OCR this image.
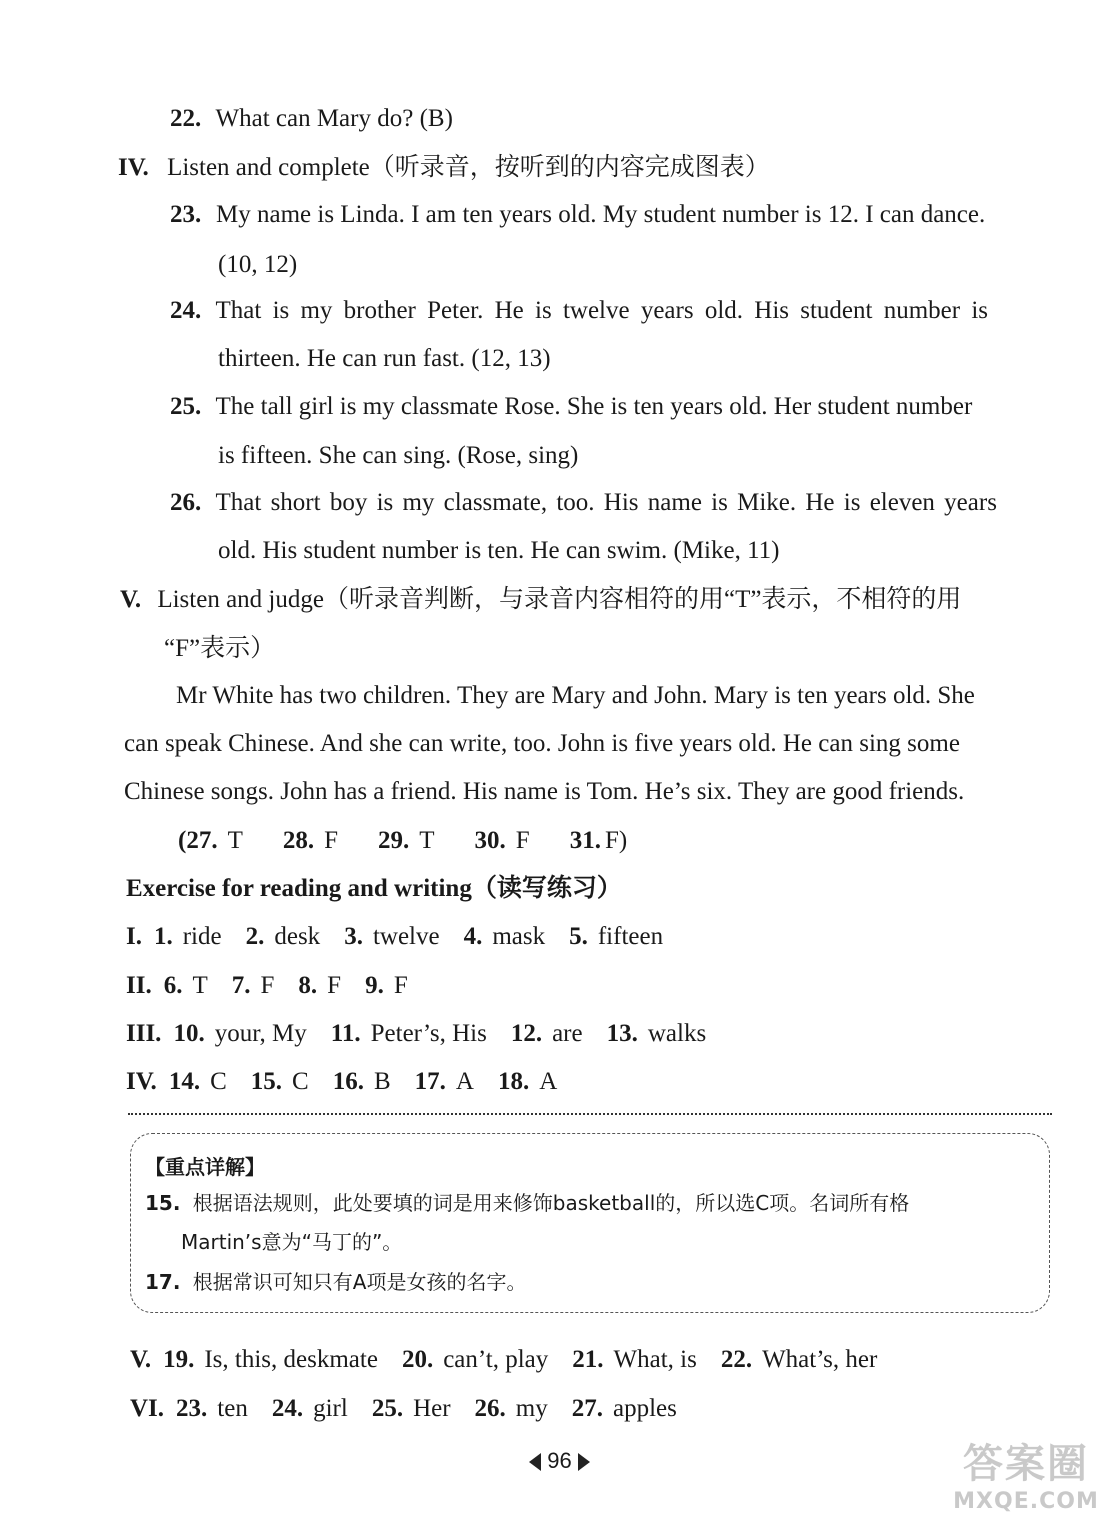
22. What can Mary do? (B)
IV. Listen and complete（听录音，按听到的内容完成图表）
23. My name is Linda. I am ten years old. My student number is 12. I can dance.
(10, 12)
24. That is my brother Peter. He is twelve years old. His student number is
thirteen. He can run fast. (12, 13)
25. The tall girl is my classmate Rose. She is ten years old. Her student number
is fifteen. She can sing. (Rose, sing)
26. That short boy is my classmate, too. His name is Mike. He is eleven years
old. His student number is ten. He can swim. (Mike, 11)
V. Listen and judge（听录音判断，与录音内容相符的用“T”表示，不相符的用
“F”表示）
Mr White has two children. They are Mary and John. Mary is ten years old. She
can speak Chinese. And she can write, too. John is five years old. He can sing some
Chinese songs. John has a friend. His name is Tom. He’s six. They are good friends.
(27. T 28. F 29. T 30. F 31. F)
Exercise for reading and writing（读写练习）
I. 1. ride 2. desk 3. twelve 4. mask 5. fifteen
II. 6. T 7. F 8. F 9. F
III. 10. your, My 11. Peter’s, His 12. are 13. walks
IV. 14. C 15. C 16. B 17. A 18. A
【重点详解】
15. 根据语法规则，此处要填的词是用来修饰basketball的，所以选C项。名词所有格
Martin’s意为“马丁的”。
17. 根据常识可知只有A项是女孩的名字。
V. 19. Is, this, deskmate 20. can’t, play 21. What, is 22. What’s, her
VI. 23. ten 24. girl 25. Her 26. my 27. apples
96	答案圈
MXQE.COM
